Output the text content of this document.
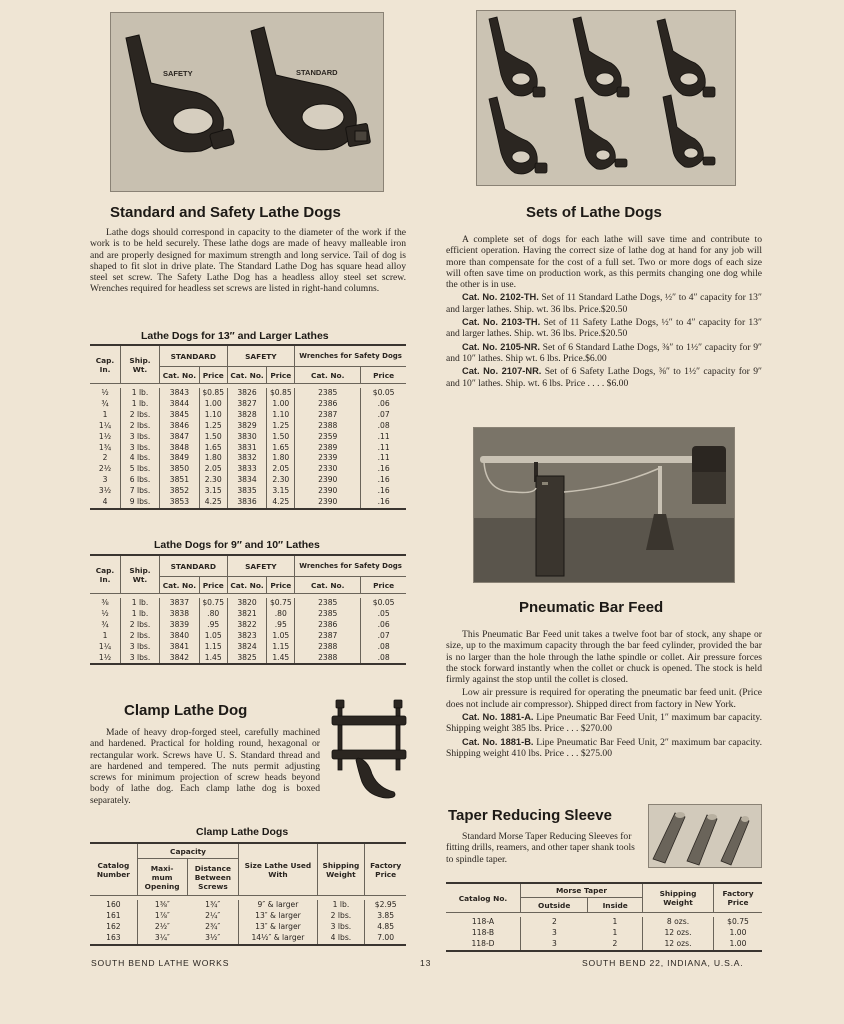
SAFETY	STANDARD
Standard and Safety Lathe Dogs

Lathe dogs should correspond in capacity to the diameter of the work if the work is to be held securely. These lathe dogs are made of heavy malleable iron and are properly designed for maximum strength and long service. Tail of dog is shaped to fit slot in drive plate. The Standard Lathe Dog has square head alloy steel set screw. The Safety Lathe Dog has a headless alloy steel set screw. Wrenches required for headless set screws are listed in right-hand columns.

Lathe Dogs for 13″ and Larger Lathes
Cap. In.	Ship. Wt.	STANDARD		SAFETY		Wrenches for Safety Dogs	
		Cat. No.	Price	Cat. No.	Price	Cat. No.	Price

½	1 lb.	3843	$0.85	3826	$0.85	2385	$0.05
¾	1 lb.	3844	1.00	3827	1.00	2386	.06
1	2 lbs.	3845	1.10	3828	1.10	2387	.07
1¼	2 lbs.	3846	1.25	3829	1.25	2388	.08
1½	3 lbs.	3847	1.50	3830	1.50	2359	.11
1¾	3 lbs.	3848	1.65	3831	1.65	2389	.11
2	4 lbs.	3849	1.80	3832	1.80	2339	.11
2½	5 lbs.	3850	2.05	3833	2.05	2330	.16
3	6 lbs.	3851	2.30	3834	2.30	2390	.16
3½	7 lbs.	3852	3.15	3835	3.15	2390	.16
4	9 lbs.	3853	4.25	3836	4.25	2390	.16
Lathe Dogs for 9″ and 10″ Lathes
Cap. In.	Ship. Wt.	STANDARD		SAFETY		Wrenches for Safety Dogs	
		Cat. No.	Price	Cat. No.	Price	Cat. No.	Price

⅜	1 lb.	3837	$0.75	3820	$0.75	2385	$0.05
½	1 lb.	3838	.80	3821	.80	2385	.05
¾	2 lbs.	3839	.95	3822	.95	2386	.06
1	2 lbs.	3840	1.05	3823	1.05	2387	.07
1¼	3 lbs.	3841	1.15	3824	1.15	2388	.08
1½	3 lbs.	3842	1.45	3825	1.45	2388	.08
Clamp Lathe Dog

Made of heavy drop-forged steel, carefully machined and hardened. Practical for holding round, hexagonal or rectangular work. Screws have U. S. Standard thread and are hardened and tempered. The nuts permit adjusting screws for minimum projection of screw heads beyond body of lathe dog. Each clamp lathe dog is boxed separately.

Clamp Lathe Dogs
Catalog Number	Capacity		Size Lathe Used With	Shipping Weight	Factory Price
	Maxi- mum Opening	Distance Between Screws			

160	1⅜″	1¾″	9″ & larger	1 lb.	$2.95
161	1⅞″	2¼″	13″ & larger	2 lbs.	3.85
162	2½″	2¾″	13″ & larger	3 lbs.	4.85
163	3¼″	3½″	14½″ & larger	4 lbs.	7.00
Sets of Lathe Dogs

A complete set of dogs for each lathe will save time and contribute to efficient operation. Having the correct size of lathe dog at hand for any job will more than compensate for the cost of a full set. Two or more dogs of each size will often save time on production work, as this permits changing one dog while the other is in use.

Cat. No. 2102-TH. Set of 11 Standard Lathe Dogs, ½″ to 4″ capacity for 13″ and larger lathes. Ship. wt. 36 lbs. Price.$20.50

Cat. No. 2103-TH. Set of 11 Safety Lathe Dogs, ½″ to 4″ capacity for 13″ and larger lathes. Ship. wt. 36 lbs. Price.$20.50

Cat. No. 2105-NR. Set of 6 Standard Lathe Dogs, ⅜″ to 1½″ capacity for 9″ and 10″ lathes. Ship wt. 6 lbs. Price.$6.00

Cat. No. 2107-NR. Set of 6 Safety Lathe Dogs, ⅜″ to 1½″ capacity for 9″ and 10″ lathes. Ship. wt. 6 lbs. Price . . . . $6.00

Pneumatic Bar Feed

This Pneumatic Bar Feed unit takes a twelve foot bar of stock, any shape or size, up to the maximum capacity through the bar feed cylinder, provided the bar is no larger than the hole through the lathe spindle or collet. Air pressure forces the stock forward instantly when the collet or chuck is opened. The stock is held firmly against the stop until the collet is closed.

Low air pressure is required for operating the pneumatic bar feed unit. (Price does not include air compressor). Shipped direct from factory in New York.

Cat. No. 1881-A. Lipe Pneumatic Bar Feed Unit, 1″ maximum bar capacity. Shipping weight 385 lbs. Price . . . $270.00

Cat. No. 1881-B. Lipe Pneumatic Bar Feed Unit, 2″ maximum bar capacity. Shipping weight 410 lbs. Price . . . $275.00

Taper Reducing Sleeve

Standard Morse Taper Reducing Sleeves for fitting drills, reamers, and other taper shank tools to spindle taper.

Catalog No.	Morse Taper		Shipping Weight	Factory Price
	Outside	Inside		

118-A	2	1	8 ozs.	$0.75
118-B	3	1	12 ozs.	1.00
118-D	3	2	12 ozs.	1.00
SOUTH BEND LATHE WORKS	13	SOUTH BEND 22, INDIANA, U.S.A.
